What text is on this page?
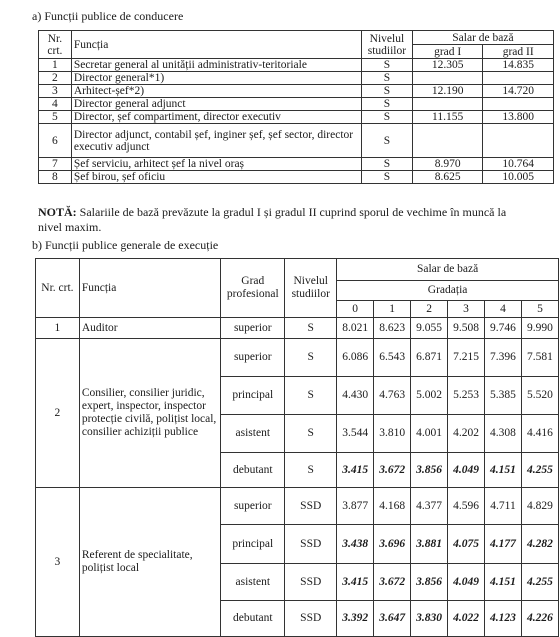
a) Funcții publice de conducere
Nr. crt.	Funcția	Nivelul studiilor	Salar de bază	
			grad I	grad II
1	Secretar general al unității administrativ-teritoriale	S	12.305	14.835
2	Director general*1)	S		
3	Arhitect-șef*2)	S	12.190	14.720
4	Director general adjunct	S		
5	Director, șef compartiment, director executiv	S	11.155	13.800
6	Director adjunct, contabil șef, inginer șef, șef sector, director executiv adjunct	S		
7	Șef serviciu, arhitect șef la nivel oraș	S	8.970	10.764
8	Șef birou, șef oficiu	S	8.625	10.005
NOTĂ: Salariile de bază prevăzute la gradul I și gradul II cuprind sporul de vechime în muncă la nivel maxim.
b) Funcții publice generale de execuție
Nr. crt.	Funcția	Grad profesional	Nivelul studiilor	Salar de bază					
				Gradația					
				0	1	2	3	4	5
1	Auditor	superior	S	8.021	8.623	9.055	9.508	9.746	9.990
2	Consilier, consilier juridic, expert, inspector, inspector protecție civilă, polițist local, consilier achiziții publice	superior	S	6.086	6.543	6.871	7.215	7.396	7.581
		principal	S	4.430	4.763	5.002	5.253	5.385	5.520
		asistent	S	3.544	3.810	4.001	4.202	4.308	4.416
		debutant	S	3.415	3.672	3.856	4.049	4.151	4.255
3	Referent de specialitate, polițist local	superior	SSD	3.877	4.168	4.377	4.596	4.711	4.829
		principal	SSD	3.438	3.696	3.881	4.075	4.177	4.282
		asistent	SSD	3.415	3.672	3.856	4.049	4.151	4.255
		debutant	SSD	3.392	3.647	3.830	4.022	4.123	4.226
